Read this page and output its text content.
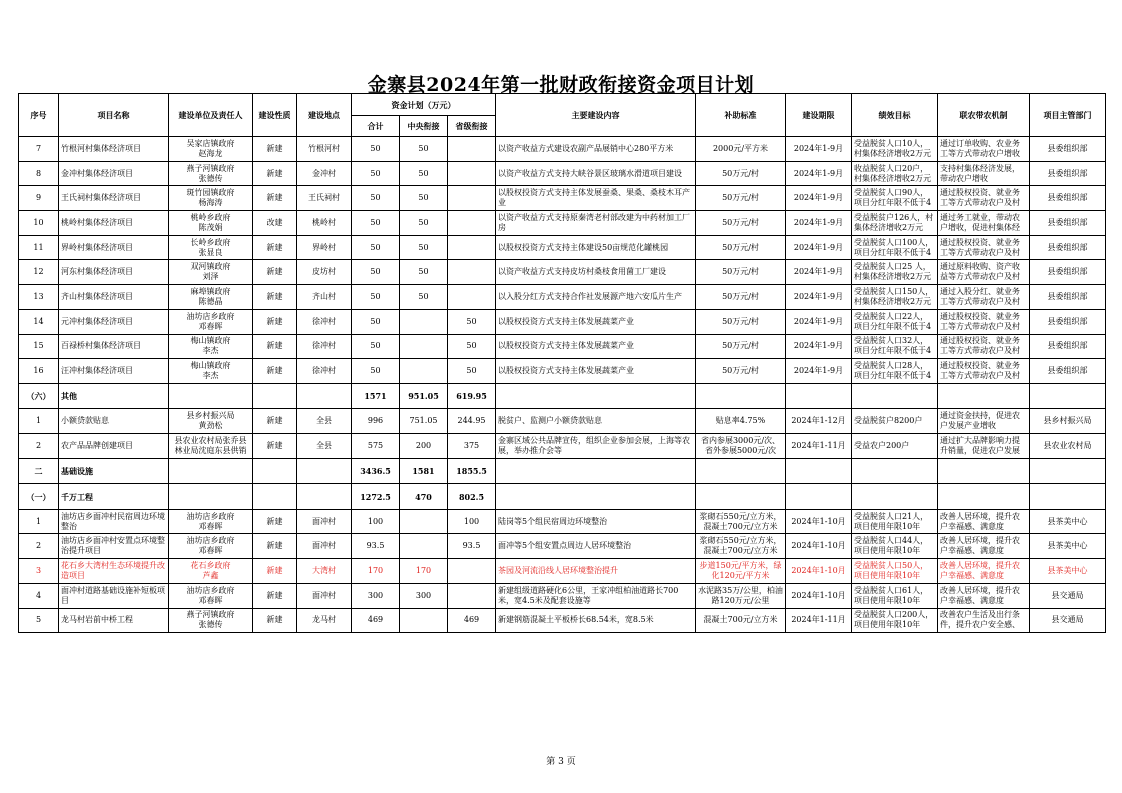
金寨县2024年第一批财政衔接资金项目计划
序号	项目名称	建设单位及责任人	建设性质	建设地点	资金计划（万元）			主要建设内容	补助标准	建设期限	绩效目标	联农带农机制	项目主管部门
					合计	中央衔接	省级衔接						

7	竹根河村集体经济项目	吴家店镇政府
赵海龙	新建	竹根河村	50	50		以资产收益方式建设农副产品展销中心280平方米	2000元/平方米	2024年1-9月	受益脱贫人口10人，村集体经济增收2万元	通过订单收购、农业务工等方式带动农户增收	县委组织部

8	金冲村集体经济项目	燕子河镇政府
张德传	新建	金冲村	50	50		以资产收益方式支持大峡谷景区玻璃水滑道项目建设	50万元/村	2024年1-9月	收益脱贫人口20户，村集体经济增收2万元	支持村集体经济发展，带动农户增收	县委组织部

9	王氏祠村集体经济项目	斑竹园镇政府
杨海涛	新建	王氏祠村	50	50		以股权投资方式支持主体发展蚕桑、果桑、桑枝木耳产业	50万元/村	2024年1-9月	受益脱贫人口90人，项目分红年限不低于4	通过股权投资、就业务工等方式带动农户及村	县委组织部

10	桃岭村集体经济项目	桃岭乡政府
陈茂娟	改建	桃岭村	50	50		以资产收益方式支持原秦湾老村部改建为中药材加工厂房	50万元/村	2024年1-9月	受益脱贫户126人，村集体经济增收2万元	通过务工就业，带动农户增收，促进村集体经	县委组织部

11	界岭村集体经济项目	长岭乡政府
张显良	新建	界岭村	50	50		以股权投资方式支持主体建设50亩规范化罐桃园	50万元/村	2024年1-9月	受益脱贫人口100人，项目分红年限不低于4	通过股权投资、就业务工等方式带动农户及村	县委组织部

12	河东村集体经济项目	双河镇政府
刘泽	新建	皮坊村	50	50		以资产收益方式支持皮坊村桑枝食用菌工厂建设	50万元/村	2024年1-9月	受益脱贫人口25 人，村集体经济增收2万元	通过原料收购、资产收益等方式带动农户及村	县委组织部

13	齐山村集体经济项目	麻埠镇政府
陈德晶	新建	齐山村	50	50		以入股分红方式支持合作社发展源产地六安瓜片生产	50万元/村	2024年1-9月	受益脱贫人口150人，村集体经济增收2万元	通过入股分红、就业务工等方式带动农户及村	县委组织部

14	元冲村集体经济项目	油坊店乡政府
邓春晖	新建	徐冲村	50		50	以股权投资方式支持主体发展蔬菜产业	50万元/村	2024年1-9月	受益脱贫人口22人，项目分红年限不低于4	通过股权投资、就业务工等方式带动农户及村	县委组织部

15	百禄桥村集体经济项目	梅山镇政府
李杰	新建	徐冲村	50		50	以股权投资方式支持主体发展蔬菜产业	50万元/村	2024年1-9月	受益脱贫人口32人，项目分红年限不低于4	通过股权投资、就业务工等方式带动农户及村	县委组织部

16	汪冲村集体经济项目	梅山镇政府
李杰	新建	徐冲村	50		50	以股权投资方式支持主体发展蔬菜产业	50万元/村	2024年1-9月	受益脱贫人口28人，项目分红年限不低于4	通过股权投资、就业务工等方式带动农户及村	县委组织部

（六）	其他				1571	951.05	619.95						

1	小额贷款贴息	县乡村振兴局
黄劲松	新建	全县	996	751.05	244.95	脱贫户、监测户小额贷款贴息	贴息率4.75%	2024年1-12月	受益脱贫户8200户	通过资金扶持，促进农户发展产业增收	县乡村振兴局

2	农产品品牌创建项目	县农业农村局张乔县林业局沈庭东县供销	新建	全县	575	200	375	金寨区域公共品牌宣传，组织企业参加会展，上海等农展，举办推介会等	省内参展3000元/次、省外参展5000元/次	2024年1-11月	受益农户200户	通过扩大品牌影响力提升销量，促进农户发展	县农业农村局

二	基础设施				3436.5	1581	1855.5						

（一）	千万工程				1272.5	470	802.5						

1	油坊店乡面冲村民宿周边环境整治	油坊店乡政府
邓春晖	新建	面冲村	100		100	陆岗等5个组民宿周边环境整治	浆砌石550元/立方米，混凝土700元/立方米	2024年1-10月	受益脱贫人口21人，项目使用年限10年	改善人居环境，提升农户幸福感、满意度	县茶美中心

2	油坊店乡面冲村安置点环境整治提升项目	油坊店乡政府
邓春晖	新建	面冲村	93.5		93.5	面冲等5个组安置点周边人居环境整治	浆砌石550元/立方米，混凝土700元/立方米	2024年1-10月	受益脱贫人口44人，项目使用年限10年	改善人居环境，提升农户幸福感、满意度	县茶美中心

3	花石乡大湾村生态环境提升改造项目	花石乡政府
芦鑫	新建	大湾村	170	170		茶园及河流沿线人居环境整治提升	步道150元/平方米，绿化120元/平方米	2024年1-10月	受益脱贫人口50人，项目使用年限10年	改善人居环境，提升农户幸福感、满意度	县茶美中心

4	面冲村道路基础设施补短板项目	油坊店乡政府
邓春晖	新建	面冲村	300	300		新建组级道路硬化6公里，王家冲组柏油道路长700米，宽4.5米及配套设施等	水泥路35万/公里，柏油路120万元/公里	2024年1-10月	受益脱贫人口61人，项目使用年限10年	改善人居环境，提升农户幸福感、满意度	县交通局

5	龙马村岩前中桥工程	燕子河镇政府
张德传	新建	龙马村	469		469	新建钢筋混凝土平板桥长68.54米，宽8.5米	混凝土700元/立方米	2024年1-11月	受益脱贫人口200人，项目使用年限10年	改善农户生活及出行条件，提升农户安全感、	县交通局
第 3 页
